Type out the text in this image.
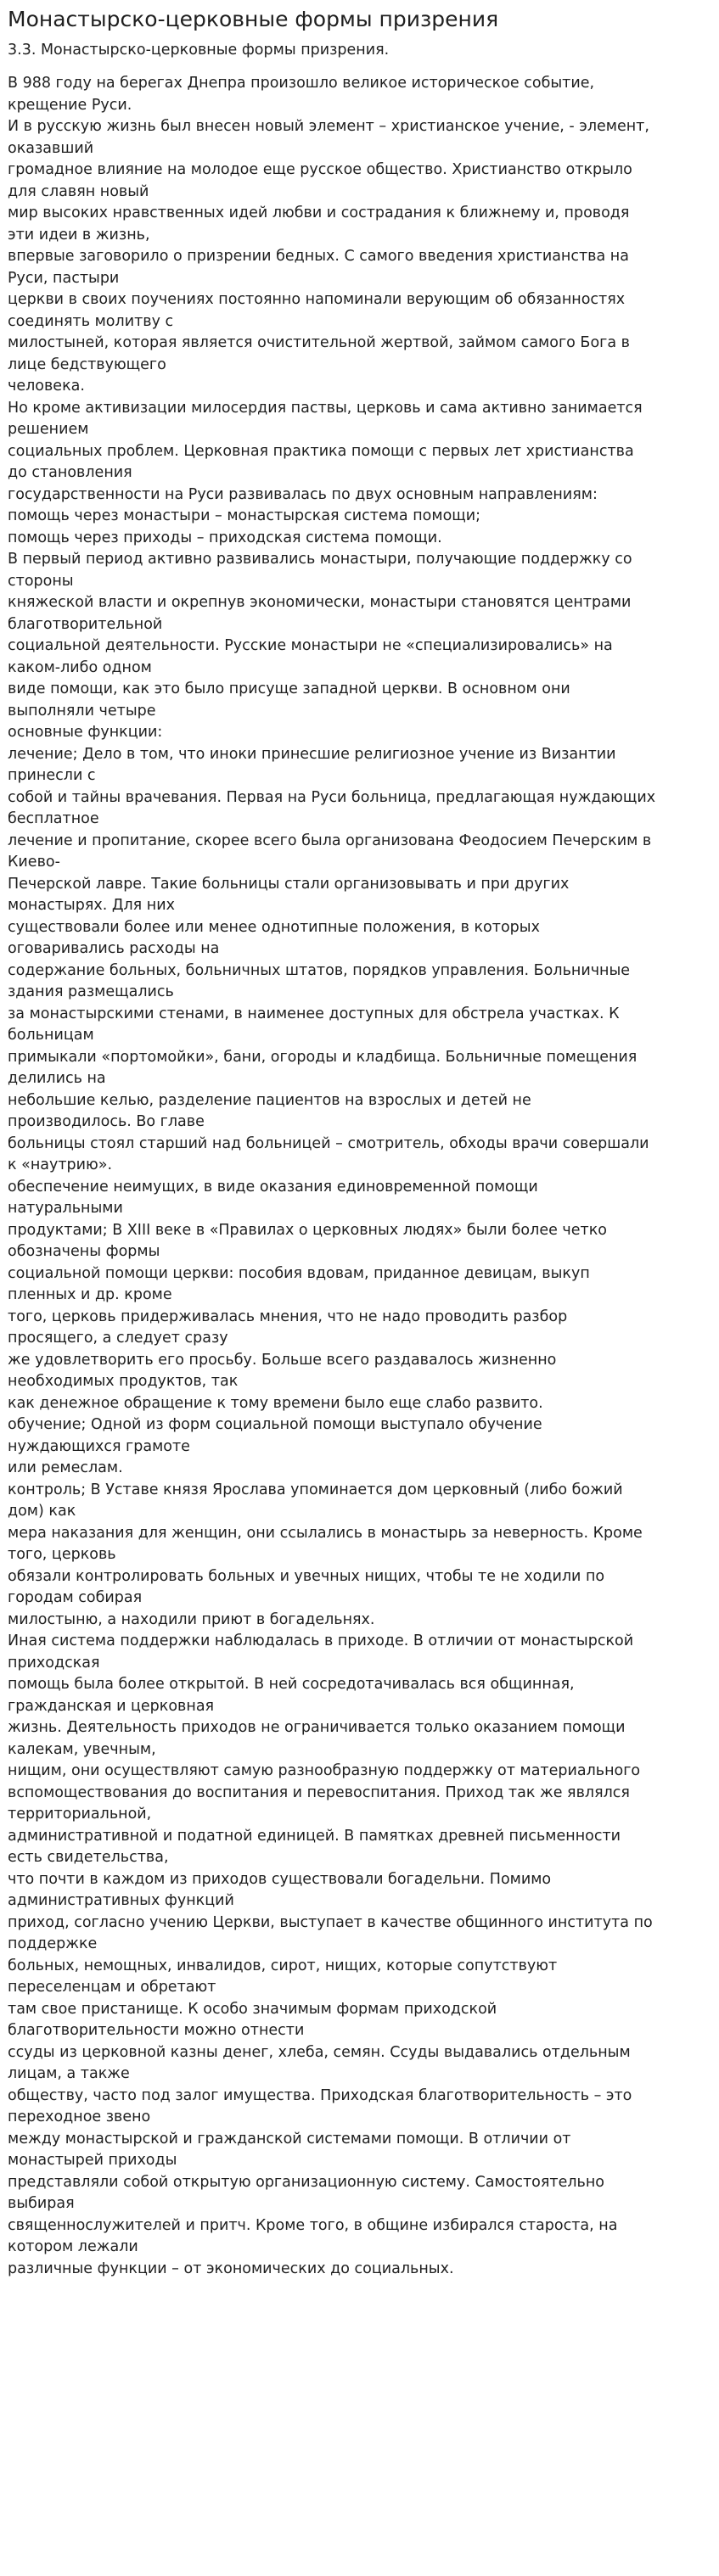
Монастырско-церковные формы призрения
3.3. Монастырско-церковные формы призрения.
В 988 году на берегах Днепра произошло великое историческое событие,
крещение Руси.
И в русскую жизнь был внесен новый элемент – христианское учение, - элемент,
оказавший
громадное влияние на молодое еще русское общество. Христианство открыло
для славян новый
мир высоких нравственных идей любви и сострадания к ближнему и, проводя
эти идеи в жизнь,
впервые заговорило о призрении бедных. С самого введения христианства на
Руси, пастыри
церкви в своих поучениях постоянно напоминали верующим об обязанностях
соединять молитву с
милостыней, которая является очистительной жертвой, займом самого Бога в
лице бедствующего
человека.
Но кроме активизации милосердия паствы, церковь и сама активно занимается
решением
социальных проблем. Церковная практика помощи с первых лет христианства
до становления
государственности на Руси развивалась по двух основным направлениям:
помощь через монастыри – монастырская система помощи;
помощь через приходы – приходская система помощи.
В первый период активно развивались монастыри, получающие поддержку со
стороны
княжеской власти и окрепнув экономически, монастыри становятся центрами
благотворительной
социальной деятельности. Русские монастыри не «специализировались» на
каком-либо одном
виде помощи, как это было присуще западной церкви. В основном они
выполняли четыре
основные функции:
лечение; Дело в том, что иноки принесшие религиозное учение из Византии
принесли с
собой и тайны врачевания. Первая на Руси больница, предлагающая нуждающих
бесплатное
лечение и пропитание, скорее всего была организована Феодосием Печерским в
Киево-
Печерской лавре. Такие больницы стали организовывать и при других
монастырях. Для них
существовали более или менее однотипные положения, в которых
оговаривались расходы на
содержание больных, больничных штатов, порядков управления. Больничные
здания размещались
за монастырскими стенами, в наименее доступных для обстрела участках. К
больницам
примыкали «портомойки», бани, огороды и кладбища. Больничные помещения
делились на
небольшие келью, разделение пациентов на взрослых и детей не
производилось. Во главе
больницы стоял старший над больницей – смотритель, обходы врачи совершали
к «наутрию».
обеспечение неимущих, в виде оказания единовременной помощи
натуральными
продуктами; В XIII веке в «Правилах о церковных людях» были более четко
обозначены формы
социальной помощи церкви: пособия вдовам, приданное девицам, выкуп
пленных и др. кроме
того, церковь придерживалась мнения, что не надо проводить разбор
просящего, а следует сразу
же удовлетворить его просьбу. Больше всего раздавалось жизненно
необходимых продуктов, так
как денежное обращение к тому времени было еще слабо развито.
обучение; Одной из форм социальной помощи выступало обучение
нуждающихся грамоте
или ремеслам.
контроль; В Уставе князя Ярослава упоминается дом церковный (либо божий
дом) как
мера наказания для женщин, они ссылались в монастырь за неверность. Кроме
того, церковь
обязали контролировать больных и увечных нищих, чтобы те не ходили по
городам собирая
милостыню, а находили приют в богадельнях.
Иная система поддержки наблюдалась в приходе. В отличии от монастырской
приходская
помощь была более открытой. В ней сосредотачивалась вся общинная,
гражданская и церковная
жизнь. Деятельность приходов не ограничивается только оказанием помощи
калекам, увечным,
нищим, они осуществляют самую разнообразную поддержку от материального
вспомоществования до воспитания и перевоспитания. Приход так же являлся
территориальной,
административной и податной единицей. В памятках древней письменности
есть свидетельства,
что почти в каждом из приходов существовали богадельни. Помимо
административных функций
приход, согласно учению Церкви, выступает в качестве общинного института по
поддержке
больных, немощных, инвалидов, сирот, нищих, которые сопутствуют
переселенцам и обретают
там свое пристанище. К особо значимым формам приходской
благотворительности можно отнести
ссуды из церковной казны денег, хлеба, семян. Ссуды выдавались отдельным
лицам, а также
обществу, часто под залог имущества. Приходская благотворительность – это
переходное звено
между монастырской и гражданской системами помощи. В отличии от
монастырей приходы
представляли собой открытую организационную систему. Самостоятельно
выбирая
священнослужителей и притч. Кроме того, в общине избирался староста, на
котором лежали
различные функции – от экономических до социальных.
